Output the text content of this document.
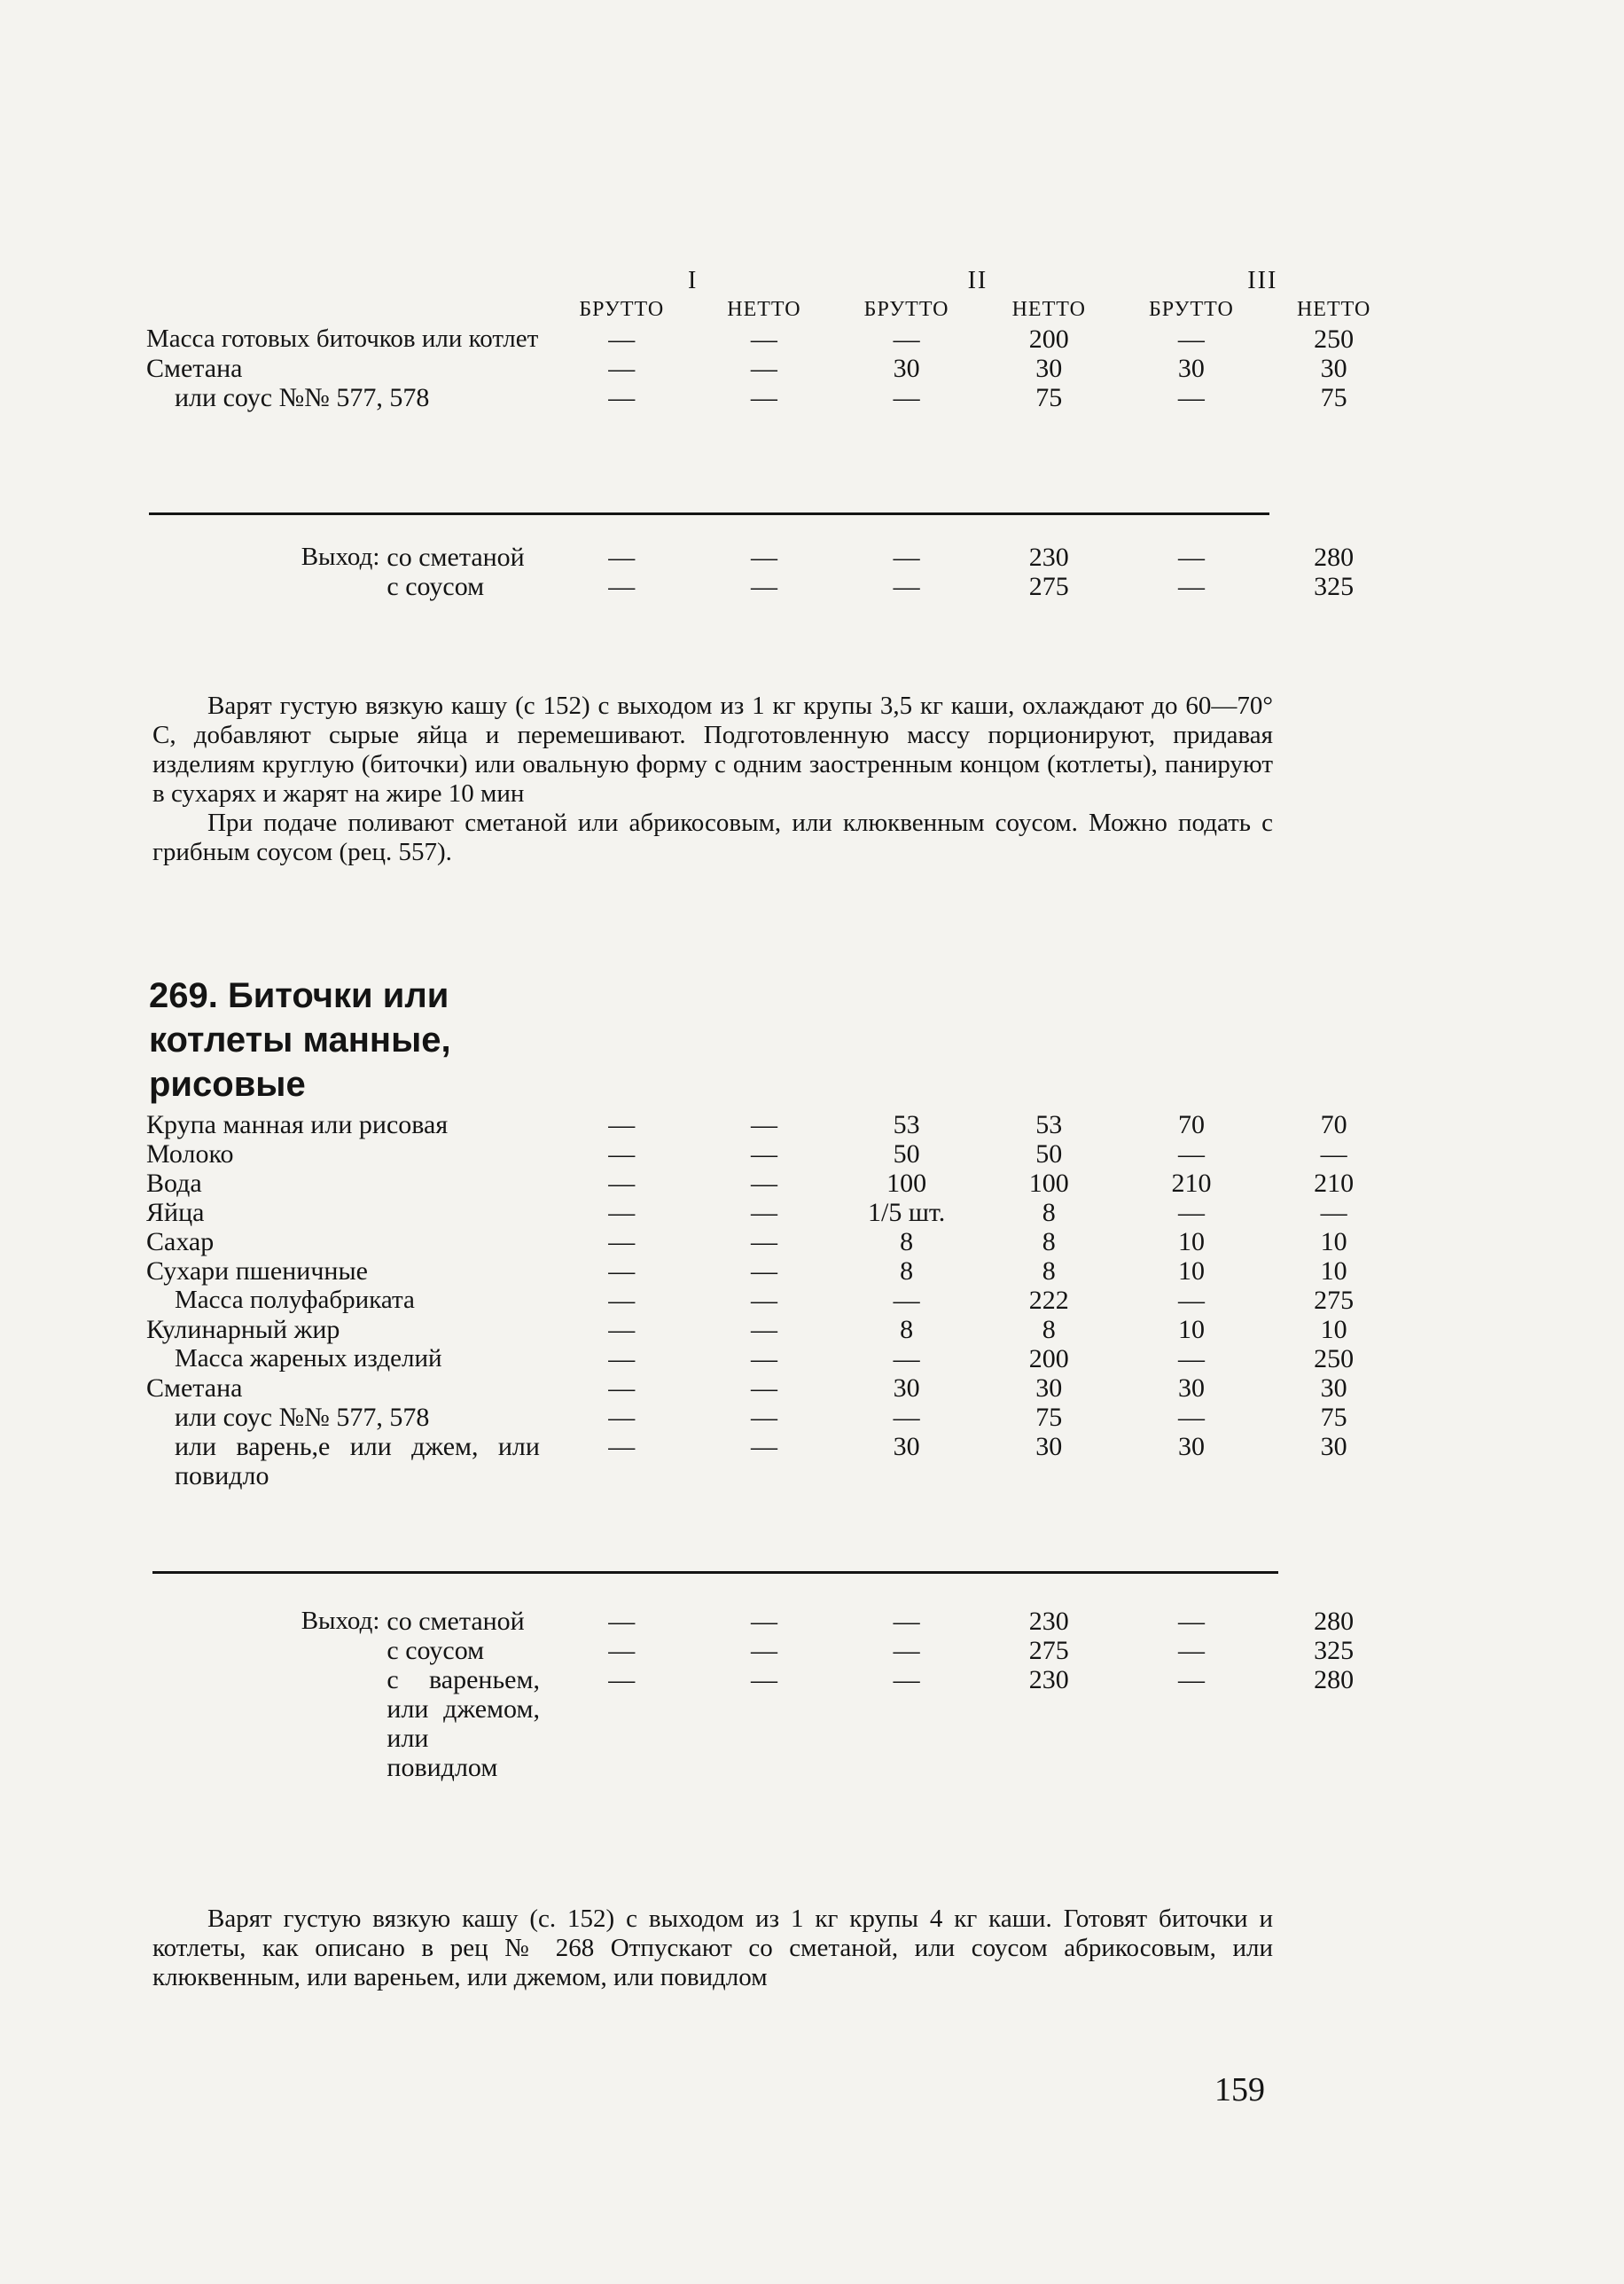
	I		II		III	
	БРУТТО	НЕТТО	БРУТТО	НЕТТО	БРУТТО	НЕТТО
Масса готовых биточков или котлет	—	—	—	200	—	250
Сметана	—	—	30	30	30	30
или соус №№ 577, 578	—	—	—	75	—	75
Выход:	со сметаной	—	—	—	230	—	280
	с соусом	—	—	—	275	—	325

Варят густую вязкую кашу (с 152) с выходом из 1 кг крупы 3,5 кг каши, охлаждают до 60—70° С, добавляют сырые яйца и перемешивают. Подготовленную массу порционируют, придавая изделиям круглую (биточки) или овальную форму с одним заостренным концом (котлеты), панируют в сухарях и жарят на жире 10 мин

При подаче поливают сметаной или абрикосовым, или клюквенным соусом. Можно подать с грибным соусом (рец. 557).

269. Биточки или котлеты манные, рисовые
Крупа манная или рисовая	—	—	53	53	70	70
Молоко	—	—	50	50	—	—
Вода	—	—	100	100	210	210
Яйца	—	—	1/5 шт.	8	—	—
Сахар	—	—	8	8	10	10
Сухари пшеничные	—	—	8	8	10	10
Масса полуфабриката	—	—	—	222	—	275
Кулинарный жир	—	—	8	8	10	10
Масса жареных изделий	—	—	—	200	—	250
Сметана	—	—	30	30	30	30
или соус №№ 577, 578	—	—	—	75	—	75
или варень,е или джем, или повидло	—	—	30	30	30	30
Выход:	со сметаной	—	—	—	230	—	280
	с соусом	—	—	—	275	—	325
	с вареньем, или джемом, или повидлом	—	—	—	230	—	280

Варят густую вязкую кашу (с. 152) с выходом из 1 кг крупы 4 кг каши. Готовят биточки и котлеты, как описано в рец № 268 Отпускают со сметаной, или соусом абрикосовым, или клюквенным, или вареньем, или джемом, или повидлом

159
